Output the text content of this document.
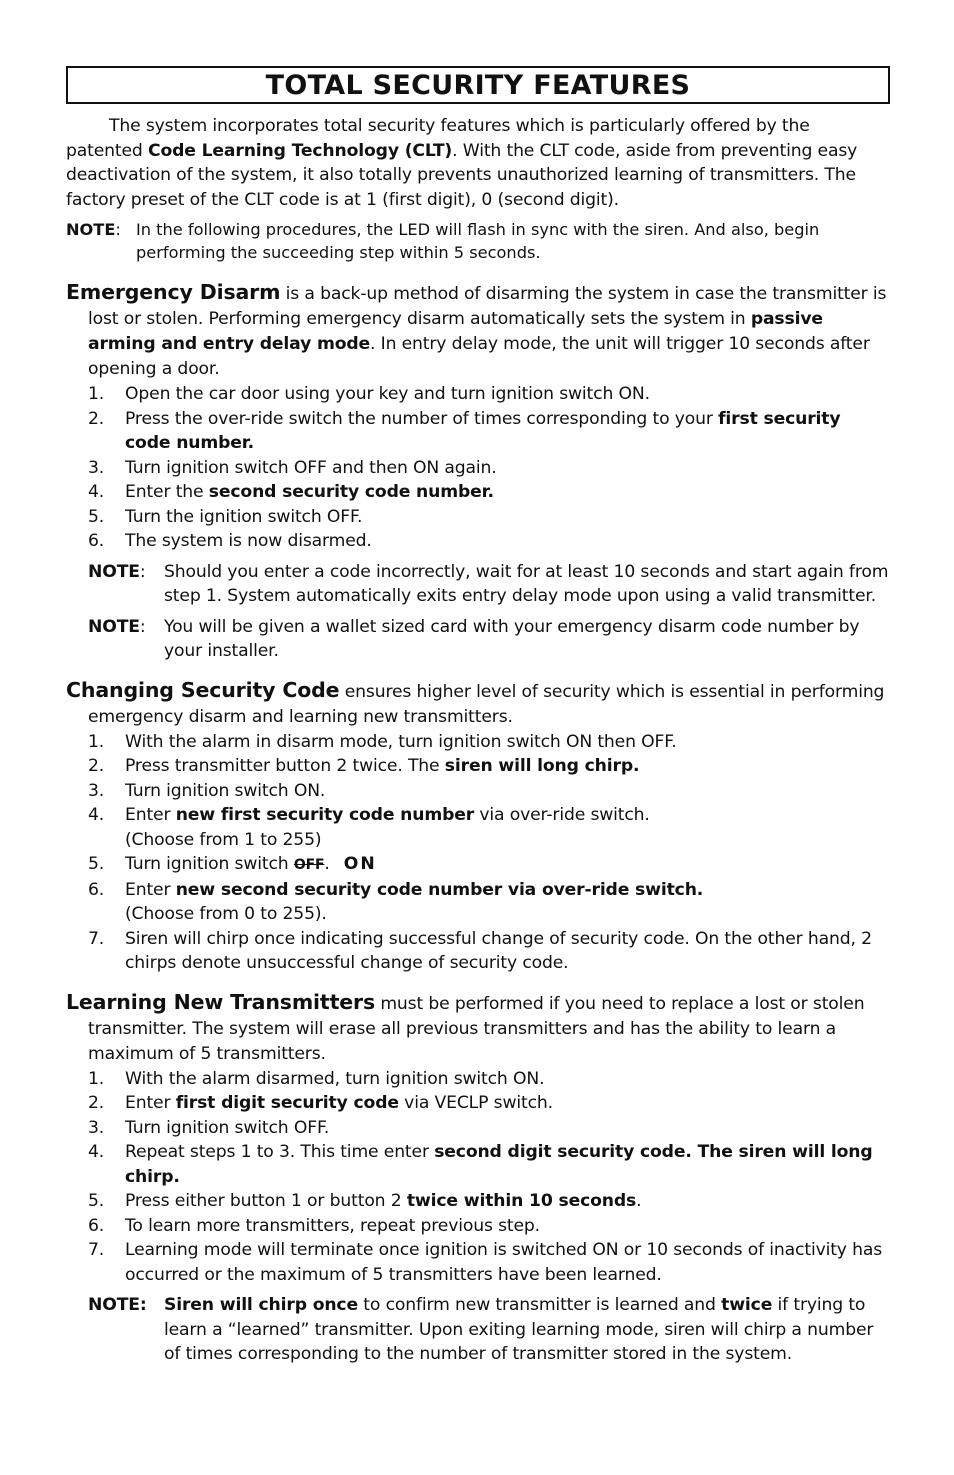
TOTAL SECURITY FEATURES

The system incorporates total security features which is particularly offered by the patented Code Learning Technology (CLT). With the CLT code, aside from preventing easy deactivation of the system, it also totally prevents unauthorized learning of transmitters. The factory preset of the CLT code is at 1 (first digit), 0 (second digit).

NOTE: In the following procedures, the LED will flash in sync with the siren. And also, begin performing the succeeding step within 5 seconds.

Emergency Disarm is a back-up method of disarming the system in case the transmitter is lost or stolen. Performing emergency disarm automatically sets the system in passive arming and entry delay mode. In entry delay mode, the unit will trigger 10 seconds after opening a door.

1.	Open the car door using your key and turn ignition switch ON.
2.	Press the over-ride switch the number of times corresponding to your first security code number.
3.	Turn ignition switch OFF and then ON again.
4.	Enter the second security code number.
5.	Turn the ignition switch OFF.
6.	The system is now disarmed.
NOTE:	Should you enter a code incorrectly, wait for at least 10 seconds and start again from step 1. System automatically exits entry delay mode upon using a valid transmitter.
NOTE:	You will be given a wallet sized card with your emergency disarm code number by your installer.

Changing Security Code ensures higher level of security which is essential in performing emergency disarm and learning new transmitters.

1.	With the alarm in disarm mode, turn ignition switch ON then OFF.
2.	Press transmitter button 2 twice. The siren will long chirp.
3.	Turn ignition switch ON.
4.	Enter new first security code number via over-ride switch.
(Choose from 1 to 255)
5.	Turn ignition switch OFF. ON
6.	Enter new second security code number via over-ride switch.
(Choose from 0 to 255).
7.	Siren will chirp once indicating successful change of security code. On the other hand, 2 chirps denote unsuccessful change of security code.

Learning New Transmitters must be performed if you need to replace a lost or stolen transmitter. The system will erase all previous transmitters and has the ability to learn a maximum of 5 transmitters.

1.	With the alarm disarmed, turn ignition switch ON.
2.	Enter first digit security code via VECLP switch.
3.	Turn ignition switch OFF.
4.	Repeat steps 1 to 3. This time enter second digit security code. The siren will long chirp.
5.	Press either button 1 or button 2 twice within 10 seconds.
6.	To learn more transmitters, repeat previous step.
7.	Learning mode will terminate once ignition is switched ON or 10 seconds of inactivity has occurred or the maximum of 5 transmitters have been learned.
NOTE:	Siren will chirp once to confirm new transmitter is learned and twice if trying to learn a “learned” transmitter. Upon exiting learning mode, siren will chirp a number of times corresponding to the number of transmitter stored in the system.
